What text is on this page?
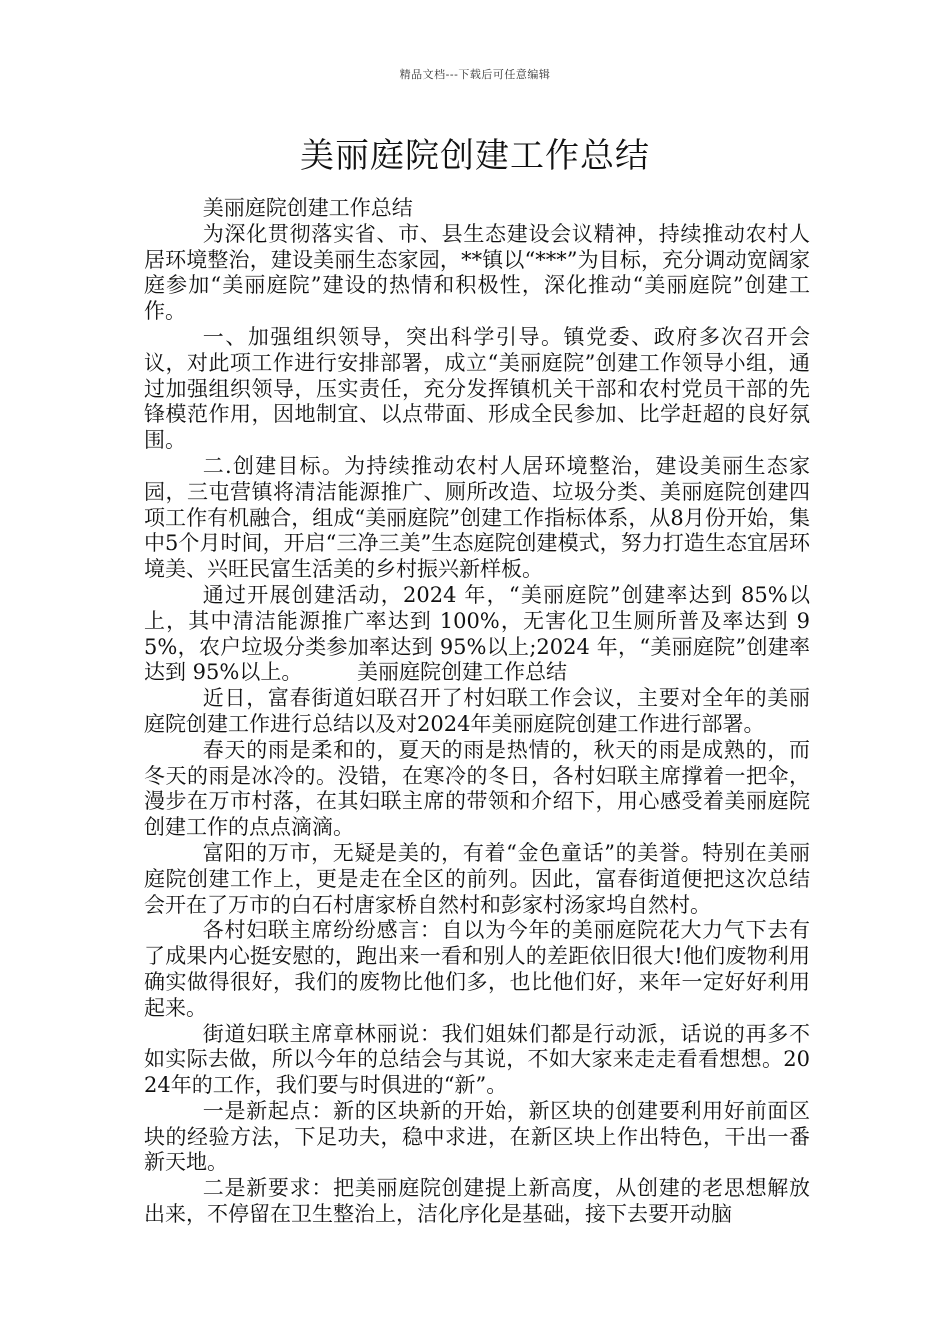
精品文档---下载后可任意编辑
美丽庭院创建工作总结

美丽庭院创建工作总结

为深化贯彻落实省、市、县生态建设会议精神，持续推动农村人居环境整治，建设美丽生态家园，**镇以“***”为目标，充分调动宽阔家庭参加“美丽庭院”建设的热情和积极性，深化推动“美丽庭院”创建工作。

一、加强组织领导，突出科学引导。镇党委、政府多次召开会议，对此项工作进行安排部署，成立“美丽庭院”创建工作领导小组，通过加强组织领导，压实责任，充分发挥镇机关干部和农村党员干部的先锋模范作用，因地制宜、以点带面、形成全民参加、比学赶超的良好氛围。

二.创建目标。为持续推动农村人居环境整治，建设美丽生态家园，三屯营镇将清洁能源推广、厕所改造、垃圾分类、美丽庭院创建四项工作有机融合，组成“美丽庭院”创建工作指标体系，从8月份开始，集中5个月时间，开启“三净三美”生态庭院创建模式，努力打造生态宜居环境美、兴旺民富生活美的乡村振兴新样板。

通过开展创建活动，2024 年，“美丽庭院”创建率达到 85%以上，其中清洁能源推广率达到 100%，无害化卫生厕所普及率达到 95%，农户垃圾分类参加率达到 95%以上;2024 年，“美丽庭院”创建率达到 95%以上。	美丽庭院创建工作总结

近日，富春街道妇联召开了村妇联工作会议，主要对全年的美丽庭院创建工作进行总结以及对2024年美丽庭院创建工作进行部署。

春天的雨是柔和的，夏天的雨是热情的，秋天的雨是成熟的，而冬天的雨是冰冷的。没错，在寒冷的冬日，各村妇联主席撑着一把伞，漫步在万市村落，在其妇联主席的带领和介绍下，用心感受着美丽庭院创建工作的点点滴滴。

富阳的万市，无疑是美的，有着“金色童话”的美誉。特别在美丽庭院创建工作上，更是走在全区的前列。因此，富春街道便把这次总结会开在了万市的白石村唐家桥自然村和彭家村汤家坞自然村。

各村妇联主席纷纷感言：自以为今年的美丽庭院花大力气下去有了成果内心挺安慰的，跑出来一看和别人的差距依旧很大!他们废物利用确实做得很好，我们的废物比他们多，也比他们好，来年一定好好利用起来。

街道妇联主席章林丽说：我们姐妹们都是行动派，话说的再多不如实际去做，所以今年的总结会与其说，不如大家来走走看看想想。2024年的工作，我们要与时俱进的“新”。

一是新起点：新的区块新的开始，新区块的创建要利用好前面区块的经验方法，下足功夫，稳中求进，在新区块上作出特色，干出一番新天地。

二是新要求：把美丽庭院创建提上新高度，从创建的老思想解放出来，不停留在卫生整治上，洁化序化是基础，接下去要开动脑
